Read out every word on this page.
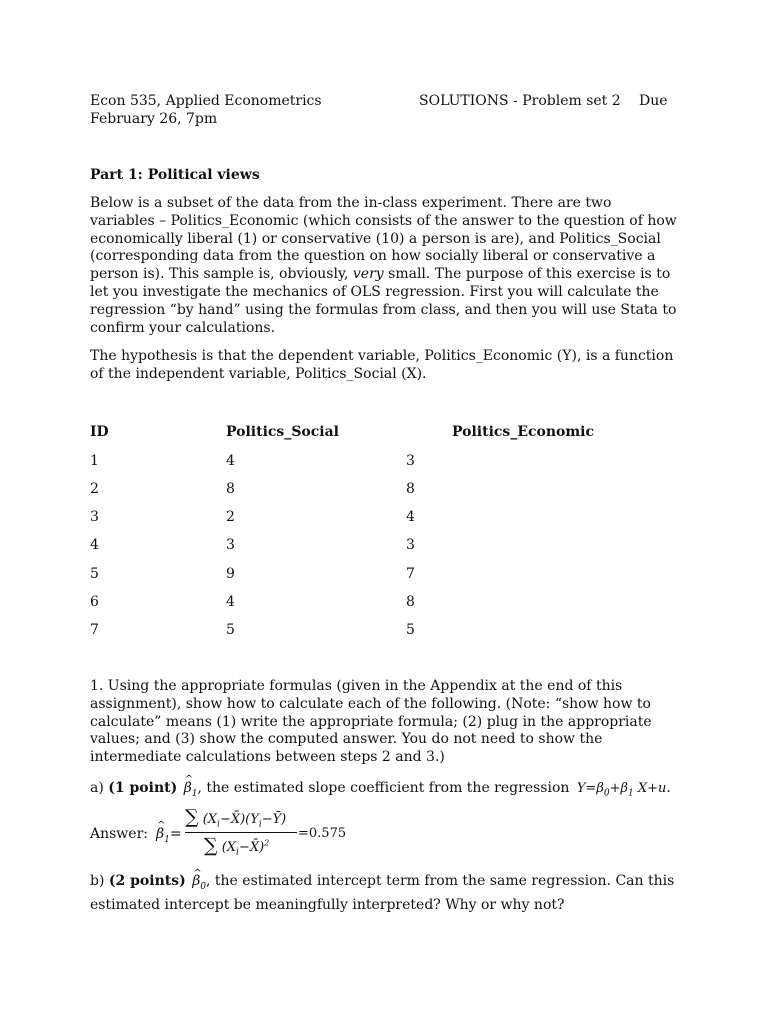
Econ 535, Applied Econometrics	SOLUTIONS - Problem set 2 Due
February 26, 7pm
Part 1: Political views
Below is a subset of the data from the in-class experiment. There are two variables – Politics_Economic (which consists of the answer to the question of how economically liberal (1) or conservative (10) a person is are), and Politics_Social (corresponding data from the question on how socially liberal or conservative a person is). This sample is, obviously, very small. The purpose of this exercise is to let you investigate the mechanics of OLS regression. First you will calculate the regression “by hand” using the formulas from class, and then you will use Stata to confirm your calculations.
The hypothesis is that the dependent variable, Politics_Economic (Y), is a function of the independent variable, Politics_Social (X).
ID	Politics_Social	Politics_Economic
1	4	3
2	8	8
3	2	4
4	3	3
5	9	7
6	4	8
7	5	5
1. Using the appropriate formulas (given in the Appendix at the end of this assignment), show how to calculate each of the following. (Note: “show how to calculate” means (1) write the appropriate formula; (2) plug in the appropriate values; and (3) show the computed answer. You do not need to show the intermediate calculations between steps 2 and 3.)
a) (1 point) ^ $\beta_1$, the estimated slope coefficient from the regression $Y=\beta_0+\beta_1$ X+u.
Answer: ^ $\beta_1=$
∑ $(X_i-X̄)(Y_i-Ȳ)$
∑ $(X_i-X̄)^2$
=0.575
b) (2 points) ^ $\beta_0$, the estimated intercept term from the same regression. Can this estimated intercept be meaningfully interpreted? Why or why not?
